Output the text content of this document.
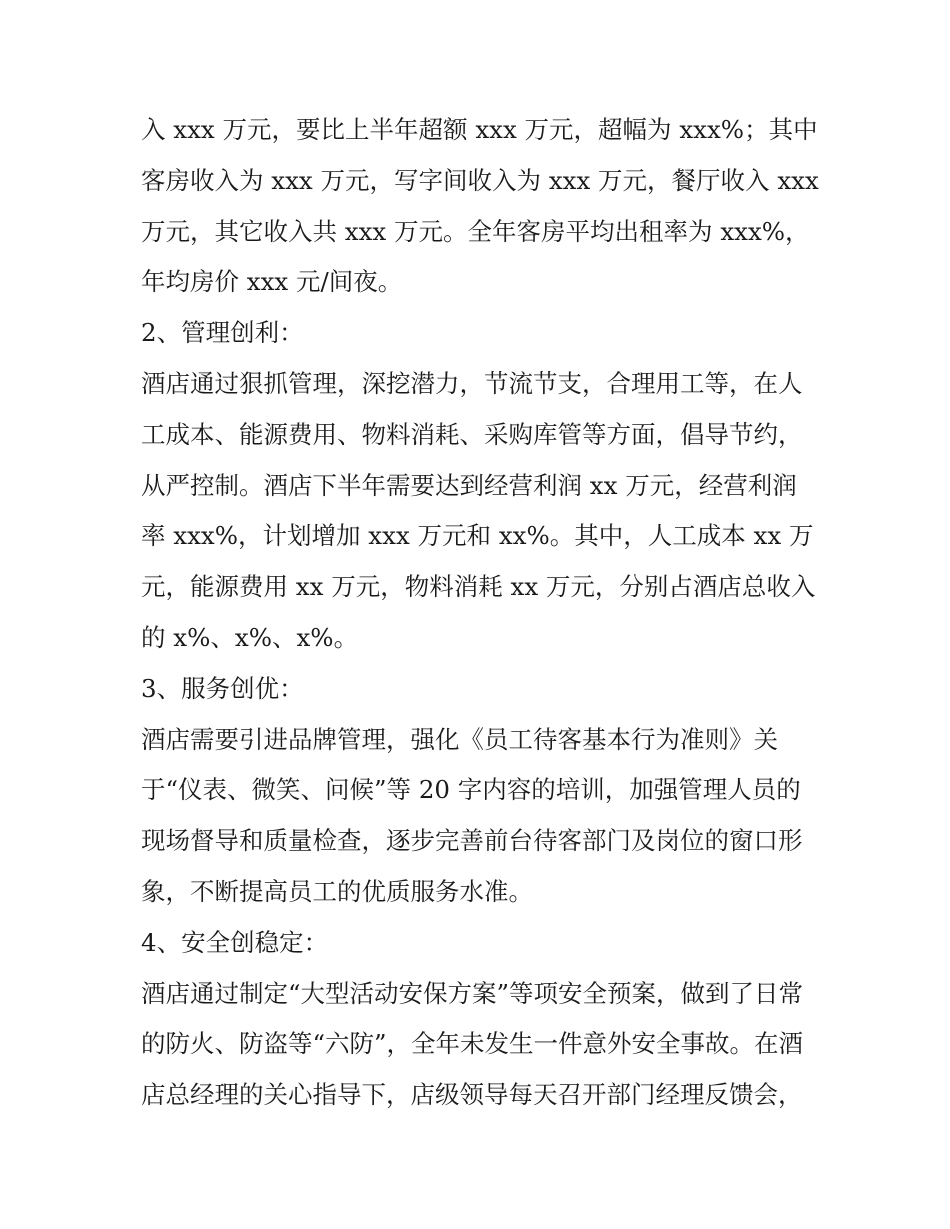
入 xxx 万元，要比上半年超额 xxx 万元，超幅为 xxx%；其中
客房收入为 xxx 万元，写字间收入为 xxx 万元，餐厅收入 xxx
万元，其它收入共 xxx 万元。全年客房平均出租率为 xxx%，
年均房价 xxx 元/间夜。
2、管理创利：
酒店通过狠抓管理，深挖潜力，节流节支，合理用工等，在人
工成本、能源费用、物料消耗、采购库管等方面，倡导节约，
从严控制。酒店下半年需要达到经营利润 xx 万元，经营利润
率 xxx%，计划增加 xxx 万元和 xx%。其中，人工成本 xx 万
元，能源费用 xx 万元，物料消耗 xx 万元，分别占酒店总收入
的 x%、x%、x%。
3、服务创优：
酒店需要引进品牌管理，强化《员工待客基本行为准则》关
于“仪表、微笑、问候”等 20 字内容的培训，加强管理人员的
现场督导和质量检查，逐步完善前台待客部门及岗位的窗口形
象，不断提高员工的优质服务水准。
4、安全创稳定：
酒店通过制定“大型活动安保方案”等项安全预案，做到了日常
的防火、防盗等“六防”，全年未发生一件意外安全事故。在酒
店总经理的关心指导下，店级领导每天召开部门经理反馈会，
